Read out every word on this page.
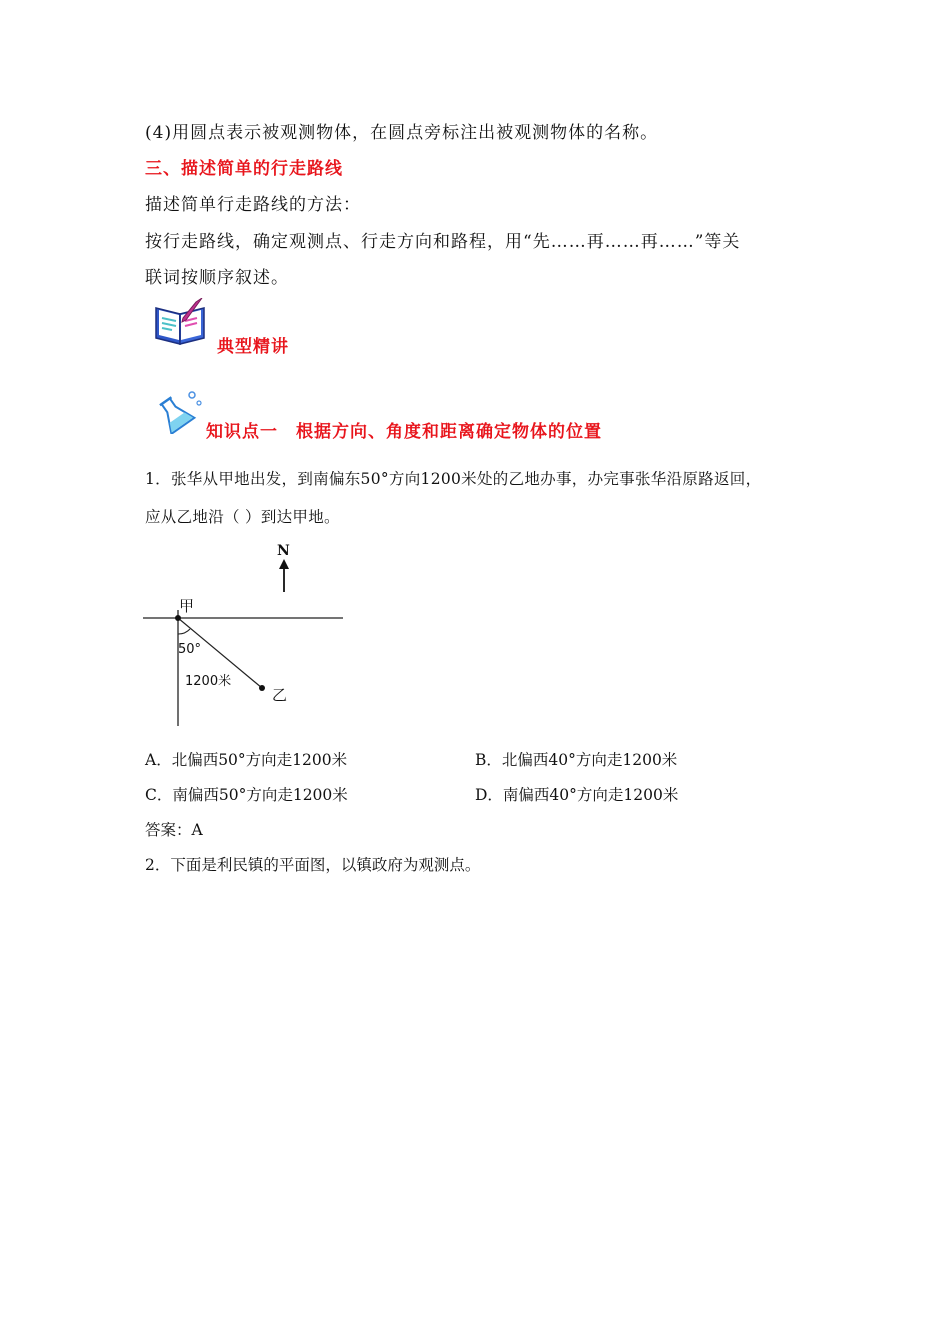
(4)用圆点表示被观测物体，在圆点旁标注出被观测物体的名称。
三、描述简单的行走路线
描述简单行走路线的方法：
按行走路线，确定观测点、行走方向和路程，用“先……再……再……”等关
联词按顺序叙述。
典型精讲
知识点一　根据方向、角度和距离确定物体的位置
1．张华从甲地出发，到南偏东50°方向1200米处的乙地办事，办完事张华沿原路返回，
应从乙地沿（ ）到达甲地。
N
甲
50°
1200米
乙
A．北偏西50°方向走1200米	B．北偏西40°方向走1200米
C．南偏西50°方向走1200米	D．南偏西40°方向走1200米
答案：A
2．下面是利民镇的平面图，以镇政府为观测点。
